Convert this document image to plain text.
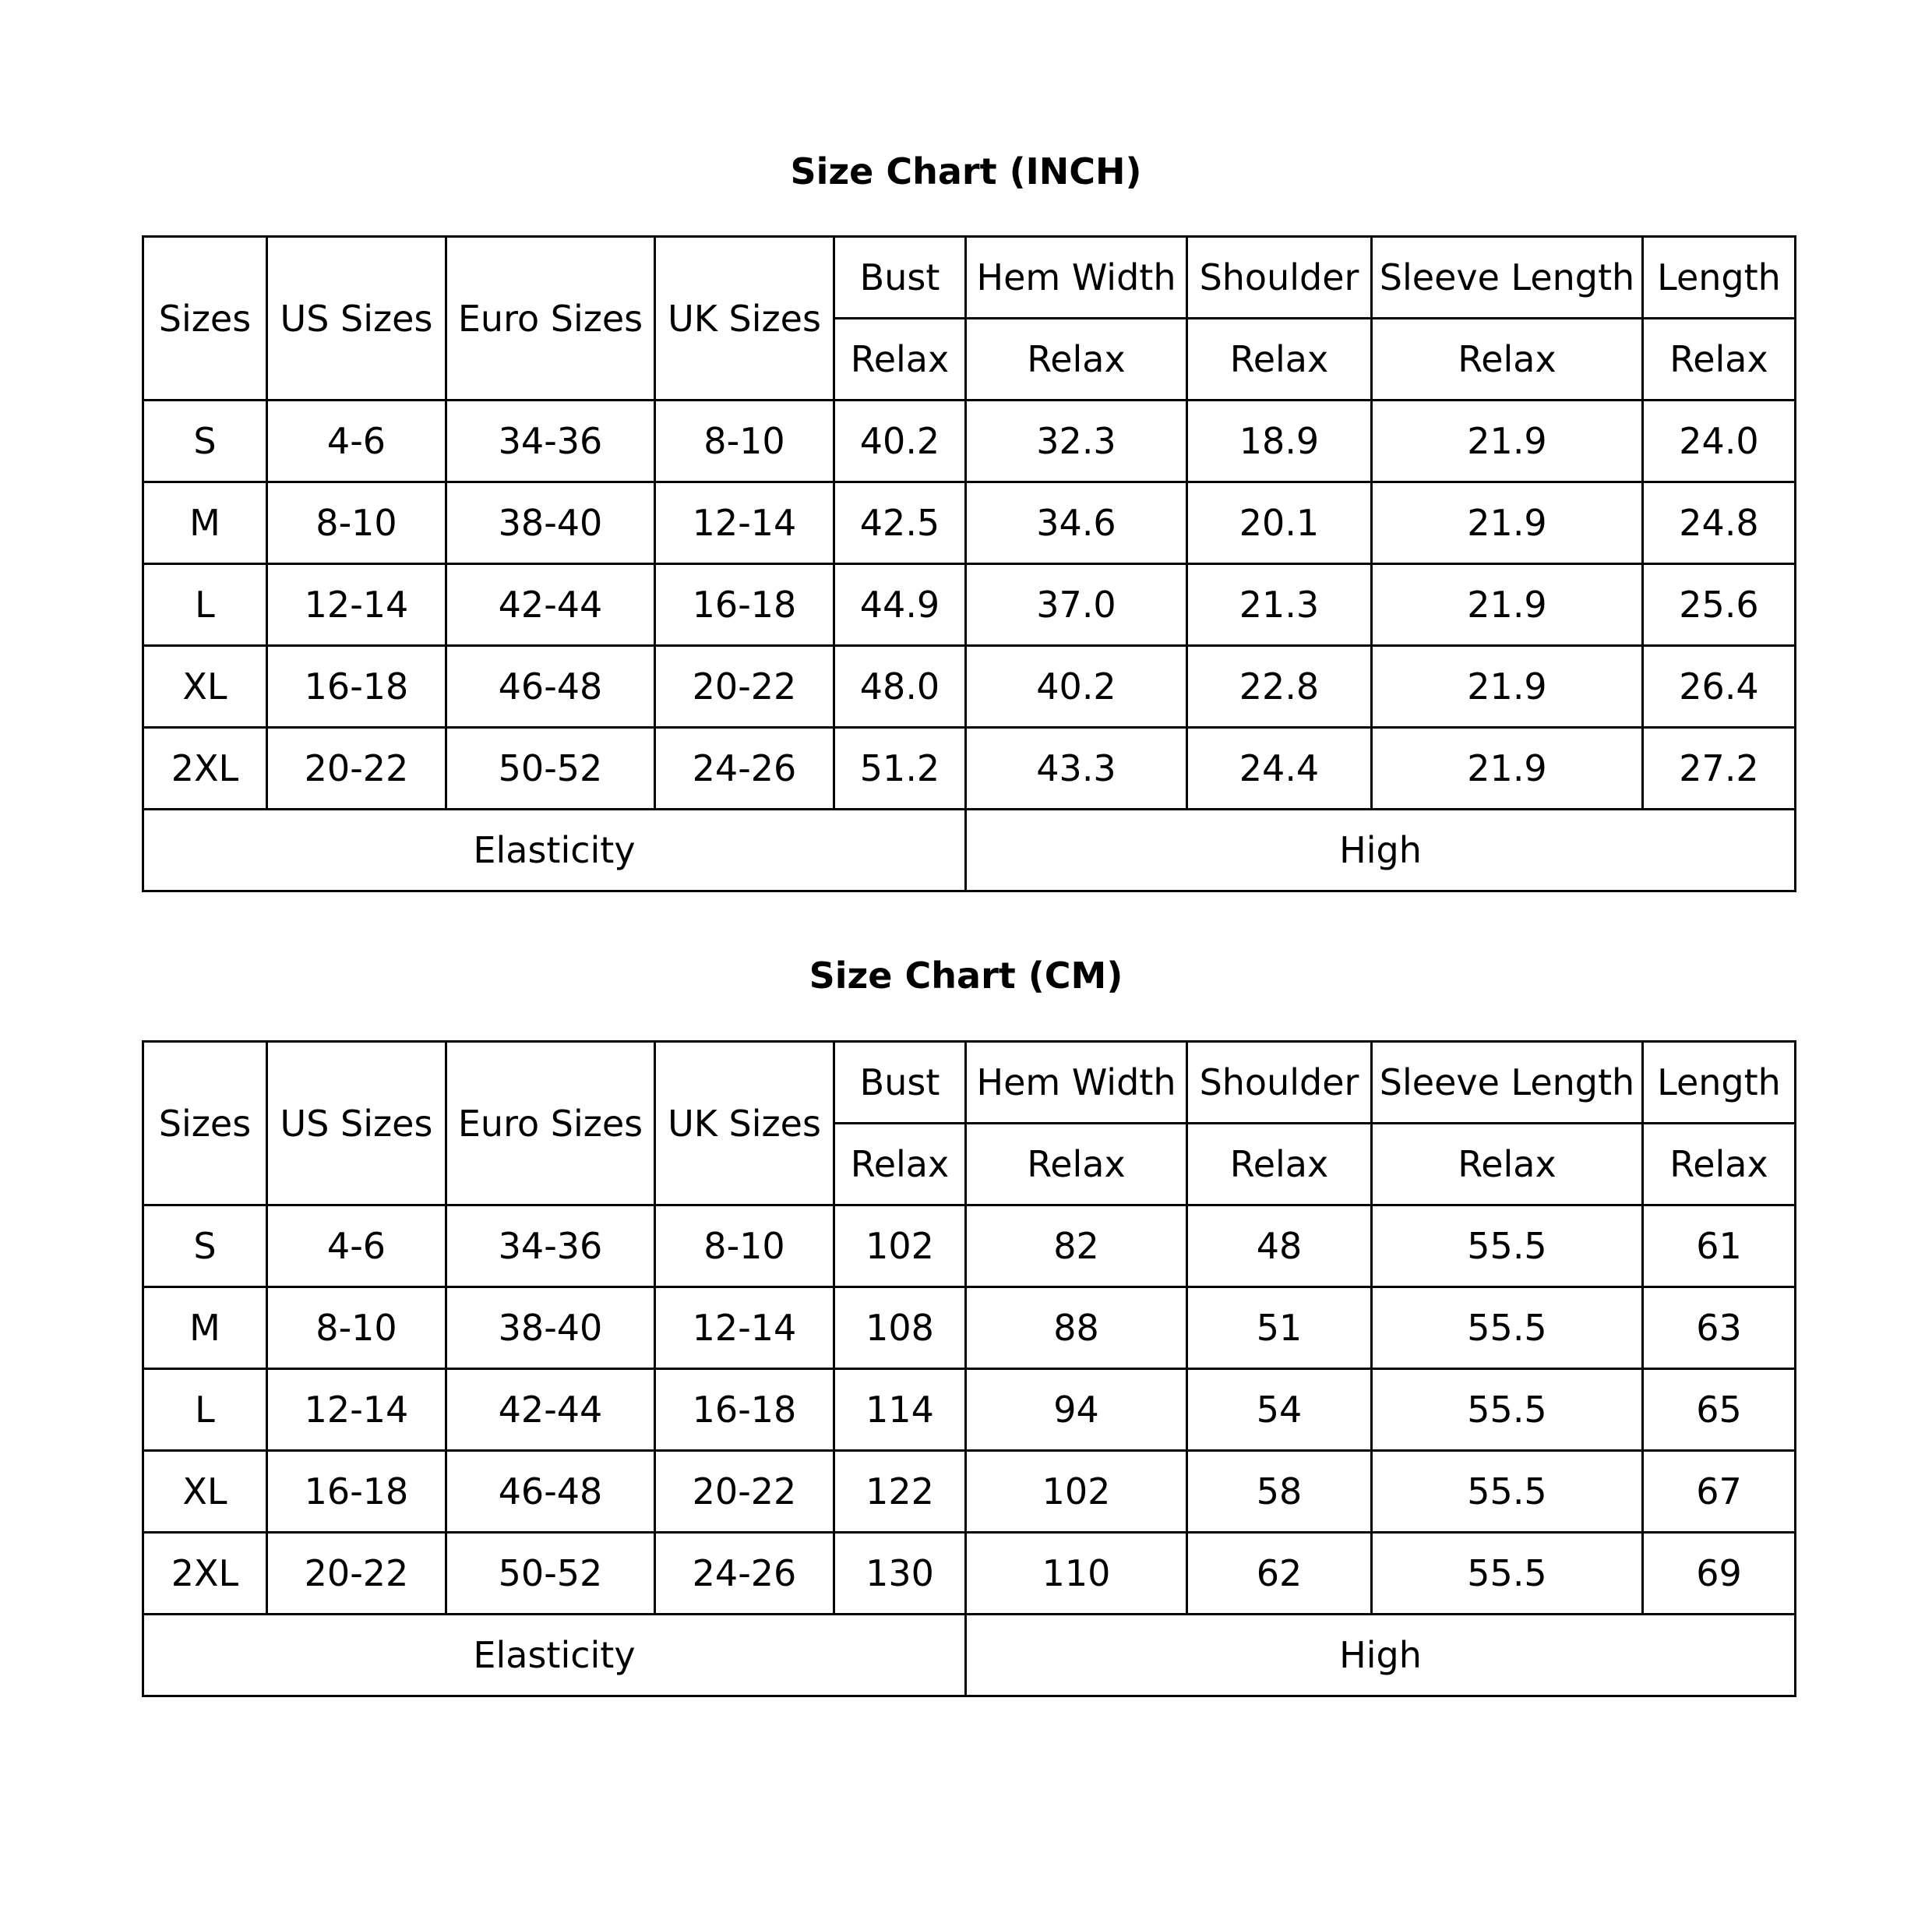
Size Chart (INCH)
Sizes	US Sizes	Euro Sizes	UK Sizes	Bust	Hem Width	Shoulder	Sleeve Length	Length
				Relax	Relax	Relax	Relax	Relax
S	4-6	34-36	8-10	40.2	32.3	18.9	21.9	24.0
M	8-10	38-40	12-14	42.5	34.6	20.1	21.9	24.8
L	12-14	42-44	16-18	44.9	37.0	21.3	21.9	25.6
XL	16-18	46-48	20-22	48.0	40.2	22.8	21.9	26.4
2XL	20-22	50-52	24-26	51.2	43.3	24.4	21.9	27.2
Elasticity					High			
Size Chart (CM)
Sizes	US Sizes	Euro Sizes	UK Sizes	Bust	Hem Width	Shoulder	Sleeve Length	Length
				Relax	Relax	Relax	Relax	Relax
S	4-6	34-36	8-10	102	82	48	55.5	61
M	8-10	38-40	12-14	108	88	51	55.5	63
L	12-14	42-44	16-18	114	94	54	55.5	65
XL	16-18	46-48	20-22	122	102	58	55.5	67
2XL	20-22	50-52	24-26	130	110	62	55.5	69
Elasticity					High			
